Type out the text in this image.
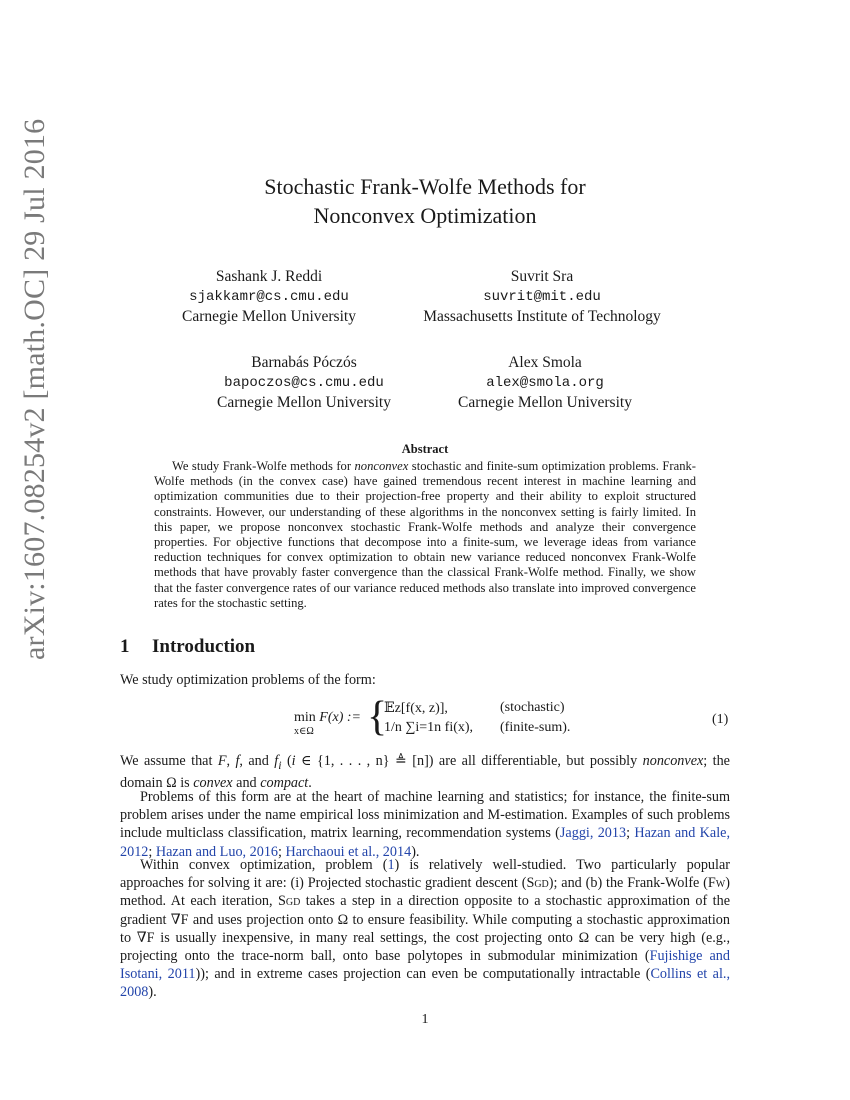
arXiv:1607.08254v2 [math.OC] 29 Jul 2016	Stochastic Frank-Wolfe Methods for
Nonconvex Optimization
Sashank J. Reddi
sjakkamr@cs.cmu.edu
Carnegie Mellon University
Suvrit Sra
suvrit@mit.edu
Massachusetts Institute of Technology
Barnabás Póczós
bapoczos@cs.cmu.edu
Carnegie Mellon University
Alex Smola
alex@smola.org
Carnegie Mellon University
Abstract
We study Frank-Wolfe methods for nonconvex stochastic and finite-sum optimization problems. Frank-Wolfe methods (in the convex case) have gained tremendous recent interest in machine learning and optimization communities due to their projection-free property and their ability to exploit structured constraints. However, our understanding of these algorithms in the nonconvex setting is fairly limited. In this paper, we propose nonconvex stochastic Frank-Wolfe methods and analyze their convergence properties. For objective functions that decompose into a finite-sum, we leverage ideas from variance reduction techniques for convex optimization to obtain new variance reduced nonconvex Frank-Wolfe methods that have provably faster convergence than the classical Frank-Wolfe method. Finally, we show that the faster convergence rates of our variance reduced methods also translate into improved convergence rates for the stochastic setting.
1 Introduction
We study optimization problems of the form:
min
x∈Ω
F(x) := {
𝔼z[f(x, z)],	(stochastic)
1/n ∑i=1n fi(x), (finite-sum).
(1)
We assume that F, f, and $f_i$ (i ∈ {1, . . . , n} ≜ [n]) are all differentiable, but possibly nonconvex; the domain Ω is convex and compact.
Problems of this form are at the heart of machine learning and statistics; for instance, the finite-sum problem arises under the name empirical loss minimization and M-estimation. Examples of such problems include multiclass classification, matrix learning, recommendation systems (Jaggi, 2013; Hazan and Kale, 2012; Hazan and Luo, 2016; Harchaoui et al., 2014).
Within convex optimization, problem (1) is relatively well-studied. Two particularly popular approaches for solving it are: (i) Projected stochastic gradient descent (Sgd); and (b) the Frank-Wolfe (Fw) method. At each iteration, Sgd takes a step in a direction opposite to a stochastic approximation of the gradient ∇F and uses projection onto Ω to ensure feasibility. While computing a stochastic approximation to ∇F is usually inexpensive, in many real settings, the cost projecting onto Ω can be very high (e.g., projecting onto the trace-norm ball, onto base polytopes in submodular minimization (Fujishige and Isotani, 2011)); and in extreme cases projection can even be computationally intractable (Collins et al., 2008).
1
